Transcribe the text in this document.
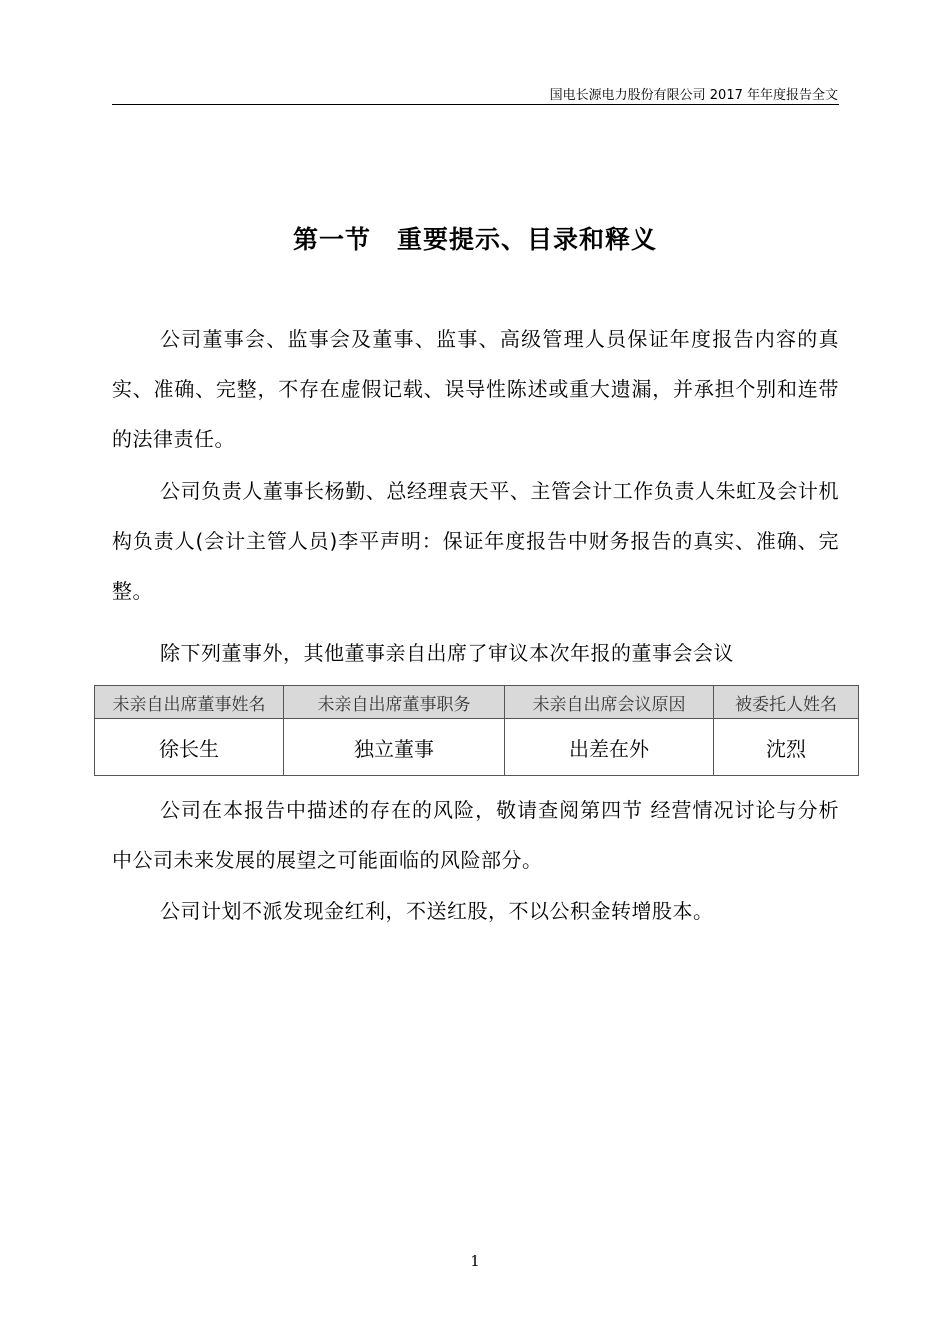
国电长源电力股份有限公司 2017 年年度报告全文
第一节　重要提示、目录和释义
公司董事会、监事会及董事、监事、高级管理人员保证年度报告内容的真实、准确、完整，不存在虚假记载、误导性陈述或重大遗漏，并承担个别和连带的法律责任。
公司负责人董事长杨勤、总经理袁天平、主管会计工作负责人朱虹及会计机构负责人(会计主管人员)李平声明：保证年度报告中财务报告的真实、准确、完整。
除下列董事外，其他董事亲自出席了审议本次年报的董事会会议
未亲自出席董事姓名	未亲自出席董事职务	未亲自出席会议原因	被委托人姓名
徐长生	独立董事	出差在外	沈烈
公司在本报告中描述的存在的风险，敬请查阅第四节 经营情况讨论与分析中公司未来发展的展望之可能面临的风险部分。
公司计划不派发现金红利，不送红股，不以公积金转增股本。
1
